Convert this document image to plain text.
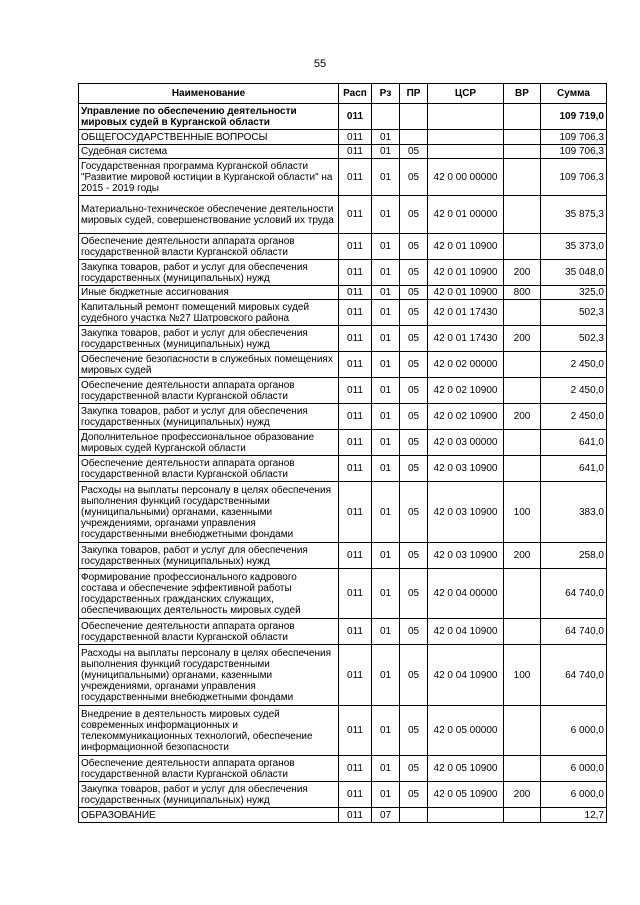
55
Наименование	Расп	Рз	ПР	ЦСР	ВР	Сумма
Управление по обеспечению деятельности мировых судей в Курганской области	011					109 719,0
ОБЩЕГОСУДАРСТВЕННЫЕ ВОПРОСЫ	011	01				109 706,3
Судебная система	011	01	05			109 706,3
Государственная программа Курганской области "Развитие мировой юстиции в Курганской области" на 2015 - 2019 годы	011	01	05	42 0 00 00000		109 706,3
Материально-техническое обеспечение деятельности мировых судей, совершенствование условий их труда	011	01	05	42 0 01 00000		35 875,3
Обеспечение деятельности аппарата органов государственной власти Курганской области	011	01	05	42 0 01 10900		35 373,0
Закупка товаров, работ и услуг для обеспечения государственных (муниципальных) нужд	011	01	05	42 0 01 10900	200	35 048,0
Иные бюджетные ассигнования	011	01	05	42 0 01 10900	800	325,0
Капитальный ремонт помещений мировых судей судебного участка №27 Шатровского района	011	01	05	42 0 01 17430		502,3
Закупка товаров, работ и услуг для обеспечения государственных (муниципальных) нужд	011	01	05	42 0 01 17430	200	502,3
Обеспечение безопасности в служебных помещениях мировых судей	011	01	05	42 0 02 00000		2 450,0
Обеспечение деятельности аппарата органов государственной власти Курганской области	011	01	05	42 0 02 10900		2 450,0
Закупка товаров, работ и услуг для обеспечения государственных (муниципальных) нужд	011	01	05	42 0 02 10900	200	2 450,0
Дополнительное профессиональное образование мировых судей Курганской области	011	01	05	42 0 03 00000		641,0
Обеспечение деятельности аппарата органов государственной власти Курганской области	011	01	05	42 0 03 10900		641,0
Расходы на выплаты персоналу в целях обеспечения выполнения функций государственными (муниципальными) органами, казенными учреждениями, органами управления государственными внебюджетными фондами	011	01	05	42 0 03 10900	100	383,0
Закупка товаров, работ и услуг для обеспечения государственных (муниципальных) нужд	011	01	05	42 0 03 10900	200	258,0
Формирование профессионального кадрового состава и обеспечение эффективной работы государственных гражданских служащих, обеспечивающих деятельность мировых судей	011	01	05	42 0 04 00000		64 740,0
Обеспечение деятельности аппарата органов государственной власти Курганской области	011	01	05	42 0 04 10900		64 740,0
Расходы на выплаты персоналу в целях обеспечения выполнения функций государственными (муниципальными) органами, казенными учреждениями, органами управления государственными внебюджетными фондами	011	01	05	42 0 04 10900	100	64 740,0
Внедрение в деятельность мировых судей современных информационных и телекоммуникационных технологий, обеспечение информационной безопасности	011	01	05	42 0 05 00000		6 000,0
Обеспечение деятельности аппарата органов государственной власти Курганской области	011	01	05	42 0 05 10900		6 000,0
Закупка товаров, работ и услуг для обеспечения государственных (муниципальных) нужд	011	01	05	42 0 05 10900	200	6 000,0
ОБРАЗОВАНИЕ	011	07				12,7
